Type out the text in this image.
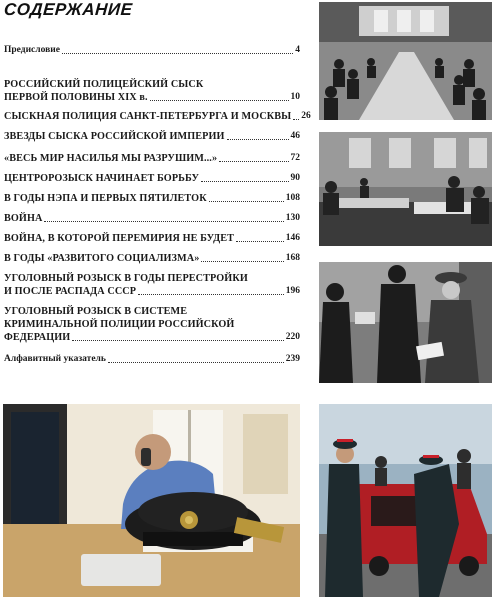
СОДЕРЖАНИЕ
Предисловие	4
РОССИЙСКИЙ ПОЛИЦЕЙСКИЙ СЫСК
ПЕРВОЙ ПОЛОВИНЫ XIX в.	10
СЫСКНАЯ ПОЛИЦИЯ САНКТ-ПЕТЕРБУРГА И МОСКВЫ 26
ЗВЕЗДЫ СЫСКА РОССИЙСКОЙ ИМПЕРИИ	46
«ВЕСЬ МИР НАСИЛЬЯ МЫ РАЗРУШИМ...»	72
ЦЕНТРОРОЗЫСК НАЧИНАЕТ БОРЬБУ	90
В ГОДЫ НЭПА И ПЕРВЫХ ПЯТИЛЕТОК	108
ВОЙНА	130
ВОЙНА, В КОТОРОЙ ПЕРЕМИРИЯ НЕ БУДЕТ	146
В ГОДЫ «РАЗВИТОГО СОЦИАЛИЗМА»	168
УГОЛОВНЫЙ РОЗЫСК В ГОДЫ ПЕРЕСТРОЙКИ
И ПОСЛЕ РАСПАДА СССР	196
УГОЛОВНЫЙ РОЗЫСК В СИСТЕМЕ
КРИМИНАЛЬНОЙ ПОЛИЦИИ РОССИЙСКОЙ
ФЕДЕРАЦИИ	220
Алфавитный указатель	239
